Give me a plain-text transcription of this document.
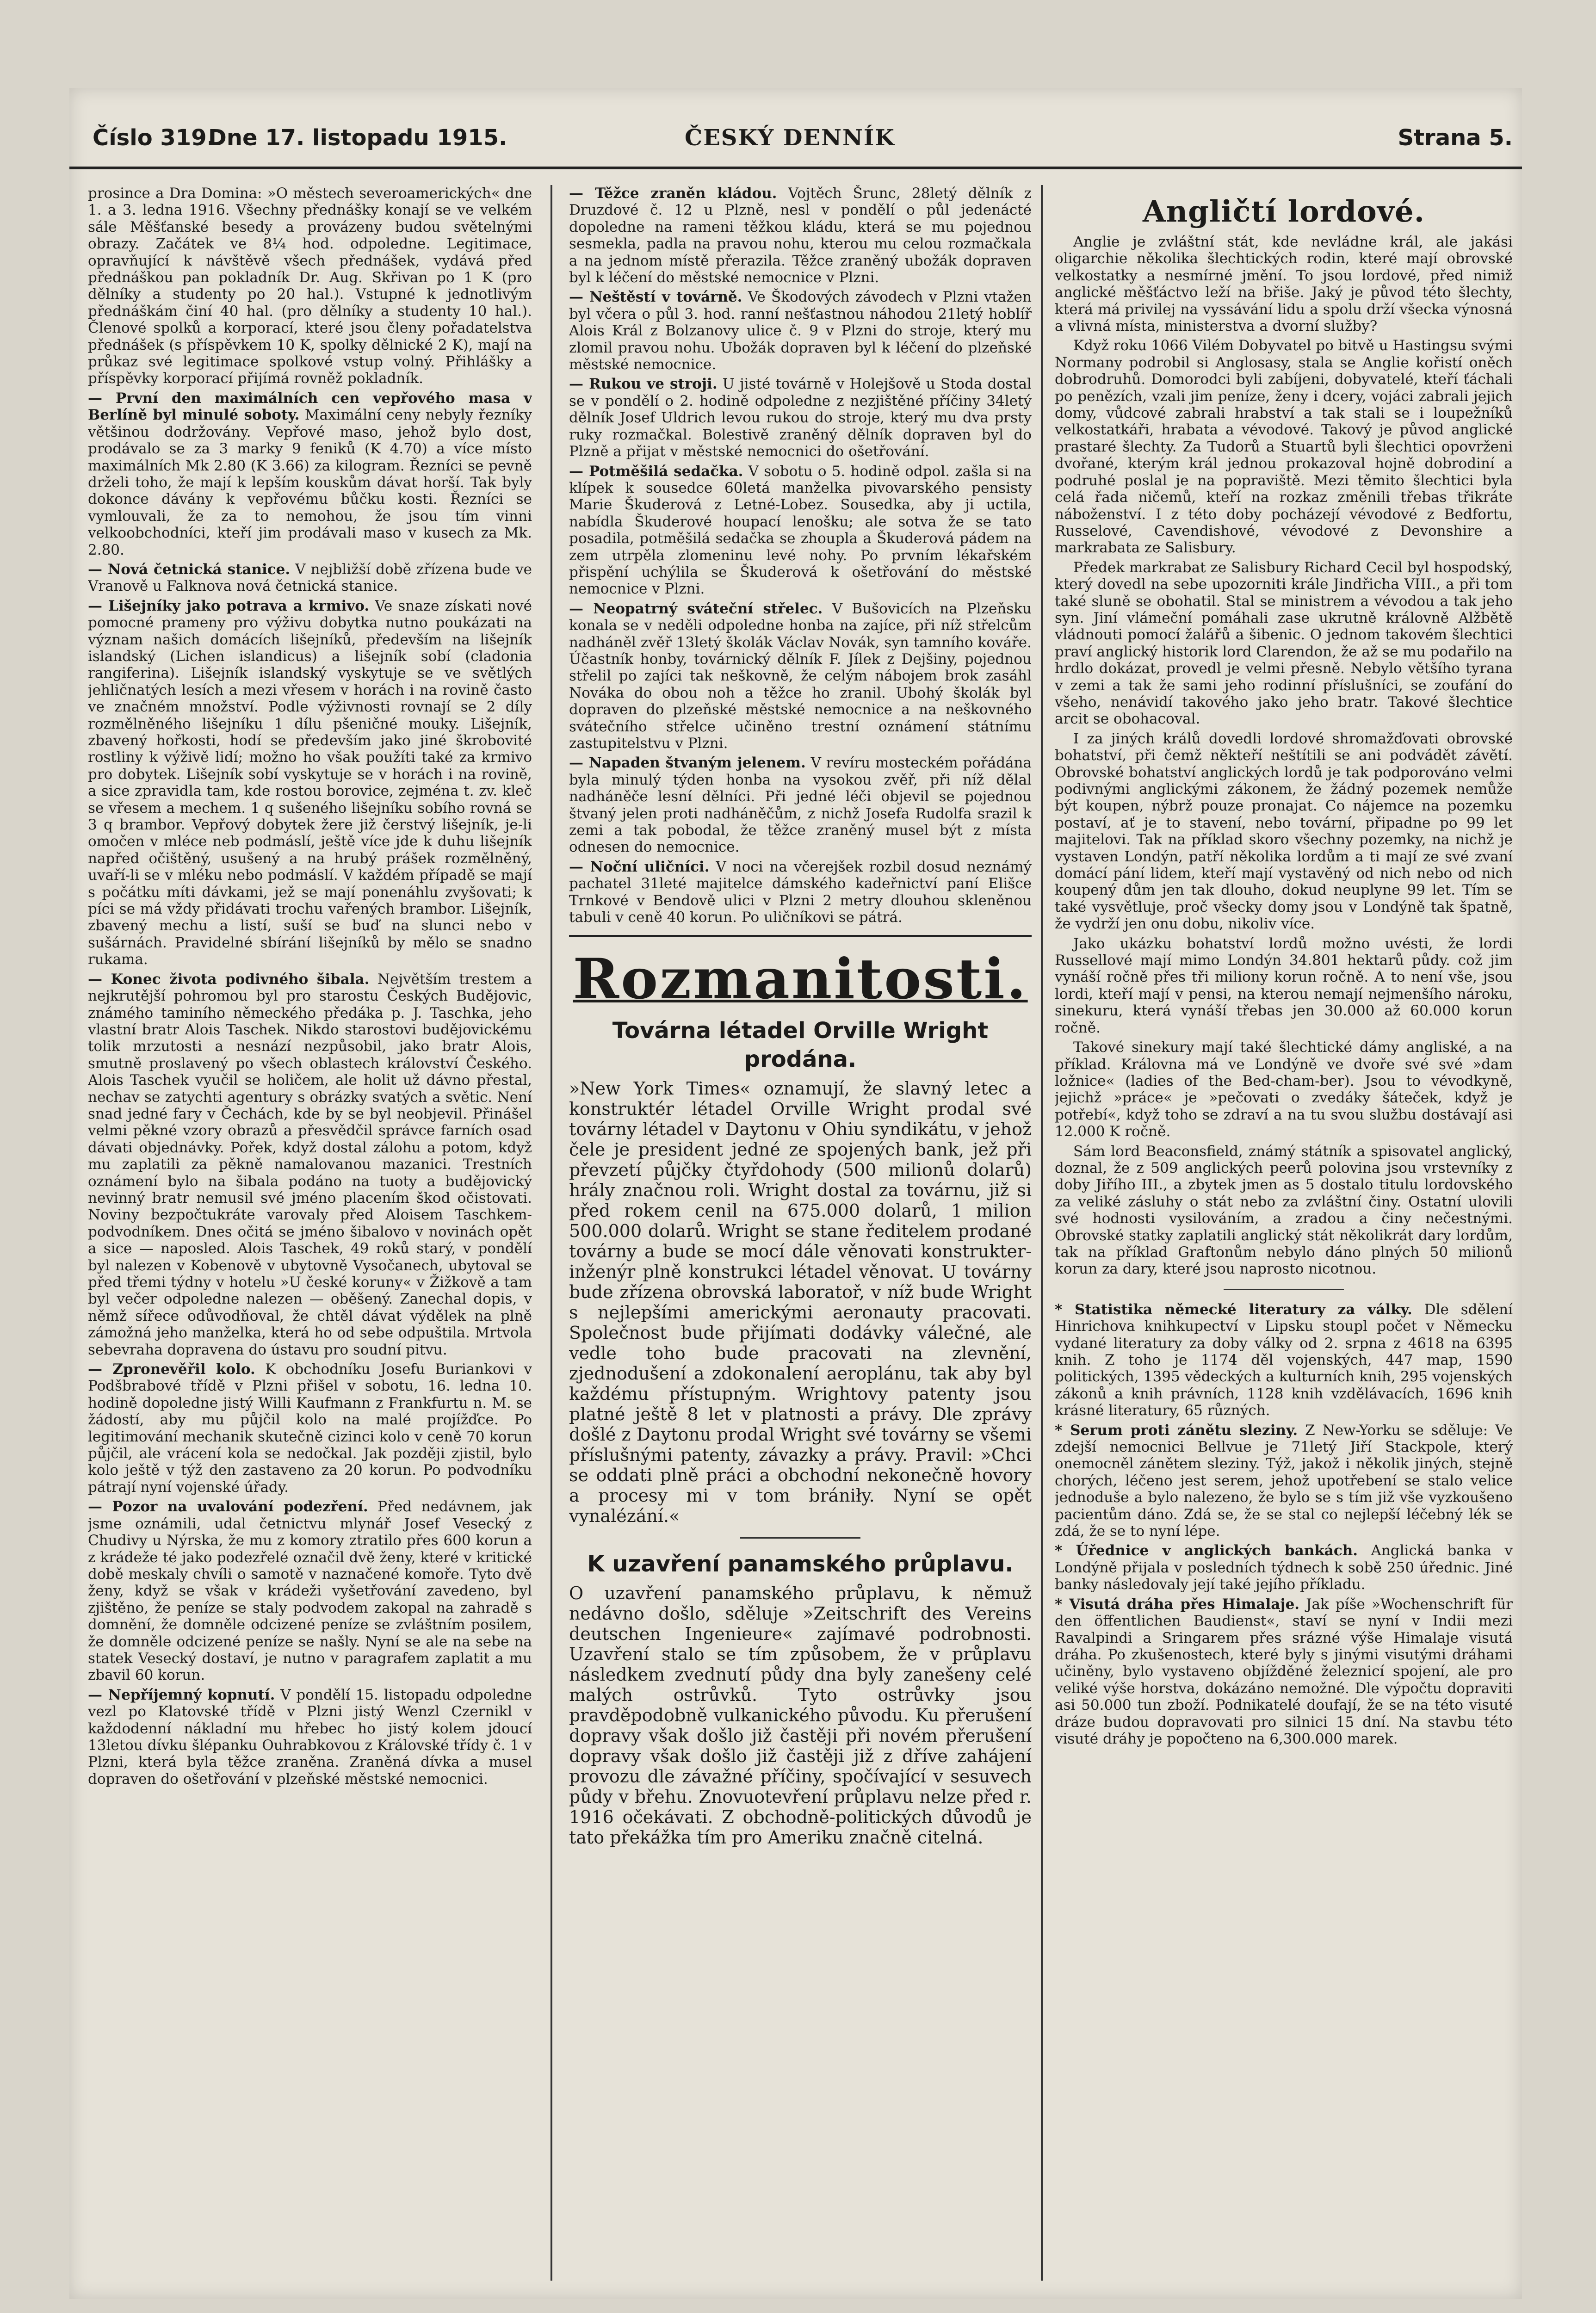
Číslo 319.
Dne 17. listopadu 1915.	ČESKÝ DENNÍK	Strana 5.

prosince a Dra Domina: »O městech severoamerických« dne 1. a 3. ledna 1916. Všechny přednášky konají se ve velkém sále Měšťanské besedy a provázeny budou světelnými obrazy. Začátek ve 8¼ hod. odpoledne. Legitimace, opravňující k návštěvě všech přednášek, vydává před přednáškou pan pokladník Dr. Aug. Skřivan po 1 K (pro dělníky a studenty po 20 hal.). Vstupné k jednotlivým přednáškám činí 40 hal. (pro dělníky a studenty 10 hal.). Členové spolků a korporací, které jsou členy pořadatelstva přednášek (s příspěvkem 10 K, spolky dělnické 2 K), mají na průkaz své legitimace spolkové vstup volný. Přihlášky a příspěvky korporací přijímá rovněž pokladník.

— První den maximálních cen vepřového masa v Berlíně byl minulé soboty. Maximální ceny nebyly řezníky většinou dodržovány. Vepřové maso, jehož bylo dost, prodávalo se za 3 marky 9 feniků (K 4.70) a více místo maximálních Mk 2.80 (K 3.66) za kilogram. Řezníci se pevně drželi toho, že mají k lepším kouskům dávat horší. Tak byly dokonce dávány k vepřovému bůčku kosti. Řezníci se vymlouvali, že za to nemohou, že jsou tím vinni velkoobchodníci, kteří jim prodávali maso v kusech za Mk. 2.80.

— Nová četnická stanice. V nejbližší době zřízena bude ve Vranově u Falknova nová četnická stanice.

— Lišejníky jako potrava a krmivo. Ve snaze získati nové pomocné prameny pro výživu dobytka nutno poukázati na význam našich domácích lišejníků, především na lišejník islandský (Lichen islandicus) a lišejník sobí (cladonia rangiferina). Lišejník islandský vyskytuje se ve světlých jehličnatých lesích a mezi vřesem v horách i na rovině často ve značném množství. Podle výživnosti rovnají se 2 díly rozmělněného lišejníku 1 dílu pšeničné mouky. Lišejník, zbavený hořkosti, hodí se především jako jiné škrobovité rostliny k výživě lidí; možno ho však použíti také za krmivo pro dobytek. Lišejník sobí vyskytuje se v horách i na rovině, a sice zpravidla tam, kde rostou borovice, zejména t. zv. kleč se vřesem a mechem. 1 q sušeného lišejníku sobího rovná se 3 q brambor. Vepřový dobytek žere již čerstvý lišejník, je-li omočen v mléce neb podmáslí, ještě více jde k duhu lišejník napřed očištěný, usušený a na hrubý prášek rozmělněný, uvaří-li se v mléku nebo podmáslí. V každém případě se mají s počátku míti dávkami, jež se mají ponenáhlu zvyšovati; k píci se má vždy přidávati trochu vařených brambor. Lišejník, zbavený mechu a listí, suší se buď na slunci nebo v sušárnách. Pravidelné sbírání lišejníků by mělo se snadno rukama.

— Konec života podivného šibala. Největším trestem a nejkrutější pohromou byl pro starostu Českých Budějovic, známého taminího německého předáka p. J. Taschka, jeho vlastní bratr Alois Taschek. Nikdo starostovi budějovickému tolik mrzutosti a nesnází nezpůsobil, jako bratr Alois, smutně proslavený po všech oblastech království Českého. Alois Taschek vyučil se holičem, ale holit už dávno přestal, nechav se zatychti agentury s obrázky svatých a světic. Není snad jedné fary v Čechách, kde by se byl neobjevil. Přinášel velmi pěkné vzory obrazů a přesvědčil správce farních osad dávati objednávky. Pořek, když dostal zálohu a potom, když mu zaplatili za pěkně namalovanou mazanici. Trestních oznámení bylo na šibala podáno na tuoty a budějovický nevinný bratr nemusil své jméno placením škod očistovati. Noviny bezpočtukráte varovaly před Aloisem Taschkem-podvodníkem. Dnes očitá se jméno šibalovo v novinách opět a sice — naposled. Alois Taschek, 49 roků starý, v pondělí byl nalezen v Kobenově v ubytovně Vysočanech, ubytoval se před třemi týdny v hotelu »U české koruny« v Žižkově a tam byl večer odpoledne nalezen — oběšený. Zanechal dopis, v němž sířece odůvodňoval, že chtěl dávat výdělek na plně zámožná jeho manželka, která ho od sebe odpuštila. Mrtvola sebevraha dopravena do ústavu pro soudní pitvu.

— Zpronevěřil kolo. K obchodníku Josefu Buriankovi v Podšbrabové třídě v Plzni přišel v sobotu, 16. ledna 10. hodině dopoledne jistý Willi Kaufmann z Frankfurtu n. M. se žádostí, aby mu půjčil kolo na malé projížďce. Po legitimování mechanik skutečně cizinci kolo v ceně 70 korun půjčil, ale vrácení kola se nedočkal. Jak později zjistil, bylo kolo ještě v týž den zastaveno za 20 korun. Po podvodníku pátrají nyní vojenské úřady.

— Pozor na uvalování podezření. Před nedávnem, jak jsme oznámili, udal četnictvu mlynář Josef Vesecký z Chudivy u Nýrska, že mu z komory ztratilo přes 600 korun a z krádeže té jako podezřelé označil dvě ženy, které v kritické době meskaly chvíli o samotě v naznačené komoře. Tyto dvě ženy, když se však v krádeži vyšetřování zavedeno, byl zjištěno, že peníze se staly podvodem zakopal na zahradě s domnění, že domněle odcizené peníze se zvláštním posilem, že domněle odcizené peníze se našly. Nyní se ale na sebe na statek Vesecký dostaví, je nutno v paragrafem zaplatit a mu zbavil 60 korun.

— Nepříjemný kopnutí. V pondělí 15. listopadu odpoledne vezl po Klatovské třídě v Plzni jistý Wenzl Czernikl v každodenní nákladní mu hřebec ho jistý kolem jdoucí 13letou dívku šlépanku Ouhrabkovou z Královské třídy č. 1 v Plzni, která byla těžce zraněna. Zraněná dívka a musel dopraven do ošetřování v plzeňské městské nemocnici.

— Těžce zraněn kládou. Vojtěch Šrunc, 28letý dělník z Druzdové č. 12 u Plzně, nesl v pondělí o půl jedenácté dopoledne na rameni těžkou kládu, která se mu pojednou sesmekla, padla na pravou nohu, kterou mu celou rozmačkala a na jednom místě přerazila. Těžce zraněný ubožák dopraven byl k léčení do městské nemocnice v Plzni.

— Neštěstí v továrně. Ve Škodových závodech v Plzni vtažen byl včera o půl 3. hod. ranní nešťastnou náhodou 21letý hoblíř Alois Král z Bolzanovy ulice č. 9 v Plzni do stroje, který mu zlomil pravou nohu. Ubožák dopraven byl k léčení do plzeňské městské nemocnice.

— Rukou ve stroji. U jisté továrně v Holejšově u Stoda dostal se v pondělí o 2. hodině odpoledne z nezjištěné příčiny 34letý dělník Josef Uldrich levou rukou do stroje, který mu dva prsty ruky rozmačkal. Bolestivě zraněný dělník dopraven byl do Plzně a přijat v městské nemocnici do ošetřování.

— Potměšilá sedačka. V sobotu o 5. hodině odpol. zašla si na klípek k sousedce 60letá manželka pivovarského pensisty Marie Škuderová z Letné-Lobez. Sousedka, aby ji uctila, nabídla Škuderové houpací lenošku; ale sotva že se tato posadila, potměšilá sedačka se zhoupla a Škuderová pádem na zem utrpěla zlomeninu levé nohy. Po prvním lékařském přispění uchýlila se Škuderová k ošetřování do městské nemocnice v Plzni.

— Neopatrný sváteční střelec. V Bušovicích na Plzeňsku konala se v neděli odpoledne honba na zajíce, při níž střelcům nadháněl zvěř 13letý školák Václav Novák, syn tamního kováře. Účastník honby, továrnický dělník F. Jílek z Dejšiny, pojednou střelil po zajíci tak neškovně, že celým nábojem brok zasáhl Nováka do obou noh a těžce ho zranil. Ubohý školák byl dopraven do plzeňské městské nemocnice a na neškovného svátečního střelce učiněno trestní oznámení státnímu zastupitelstvu v Plzni.

— Napaden štvaným jelenem. V revíru mosteckém pořádána byla minulý týden honba na vysokou zvěř, při níž dělal nadháněče lesní dělníci. Při jedné léči objevil se pojednou štvaný jelen proti nadháněčům, z nichž Josefa Rudolfa srazil k zemi a tak pobodal, že těžce zraněný musel být z místa odnesen do nemocnice.

— Noční uličníci. V noci na včerejšek rozbil dosud neznámý pachatel 31leté majitelce dámského kadeřnictví paní Elišce Trnkové v Bendově ulici v Plzni 2 metry dlouhou skleněnou tabuli v ceně 40 korun. Po uličníkovi se pátrá.

Rozmanitosti.
Továrna létadel Orville Wright prodána.

»New York Times« oznamují, že slavný letec a konstruktér létadel Orville Wright prodal své továrny létadel v Daytonu v Ohiu syndikátu, v jehož čele je president jedné ze spojených bank, jež při převzetí půjčky čtyřdohody (500 milionů dolarů) hrály značnou roli. Wright dostal za továrnu, již si před rokem cenil na 675.000 dolarů, 1 milion 500.000 dolarů. Wright se stane ředitelem prodané továrny a bude se mocí dále věnovati konstrukter-inženýr plně konstrukci létadel věnovat. U továrny bude zřízena obrovská laboratoř, v níž bude Wright s nejlepšími americkými aeronauty pracovati. Společnost bude přijímati dodávky válečné, ale vedle toho bude pracovati na zlevnění, zjednodušení a zdokonalení aeroplánu, tak aby byl každému přístupným. Wrightovy patenty jsou platné ještě 8 let v platnosti a právy. Dle zprávy došlé z Daytonu prodal Wright své továrny se všemi příslušnými patenty, závazky a právy. Pravil: »Chci se oddati plně práci a obchodní nekonečně hovory a procesy mi v tom brániły. Nyní se opět vynalézání.«

K uzavření panamského průplavu.

O uzavření panamského průplavu, k němuž nedávno došlo, sděluje »Zeitschrift des Vereins deutschen Ingenieure« zajímavé podrobnosti. Uzavření stalo se tím způsobem, že v průplavu následkem zvednutí půdy dna byly zanešeny celé malých ostrůvků. Tyto ostrůvky jsou pravděpodobně vulkanického původu. Ku přerušení dopravy však došlo již častěji při novém přerušení dopravy však došlo již častěji již z dříve zahájení provozu dle závažné příčiny, spočívající v sesuvech půdy v břehu. Znovuotevření průplavu nelze před r. 1916 očekávati. Z obchodně-politických důvodů je tato překážka tím pro Ameriku značně citelná.

Angličtí lordové.

Anglie je zvláštní stát, kde nevládne král, ale jakási oligarchie několika šlechtických rodin, které mají obrovské velkostatky a nesmírné jmění. To jsou lordové, před nimiž anglické měšťáctvo leží na břiše. Jaký je původ této šlechty, která má privilej na vyssávání lidu a spolu drží všecka výnosná a vlivná místa, ministerstva a dvorní služby?

Když roku 1066 Vilém Dobyvatel po bitvě u Hastingsu svými Normany podrobil si Anglosasy, stala se Anglie kořistí oněch dobrodruhů. Domorodci byli zabíjeni, dobyvatelé, kteří ťáchali po penězích, vzali jim peníze, ženy i dcery, vojáci zabrali jejich domy, vůdcové zabrali hrabství a tak stali se i loupežníků velkostatkáři, hrabata a vévodové. Takový je původ anglické prastaré šlechty. Za Tudorů a Stuartů byli šlechtici opovrženi dvořané, kterým král jednou prokazoval hojně dobrodiní a podruhé poslal je na popraviště. Mezi těmito šlechtici byla celá řada ničemů, kteří na rozkaz změnili třebas třikráte náboženství. I z této doby pocházejí vévodové z Bedfortu, Russelové, Cavendishové, vévodové z Devonshire a markrabata ze Salisbury.

Předek markrabat ze Salisbury Richard Cecil byl hospodský, který dovedl na sebe upozorniti krále Jindřicha VIII., a při tom také sluně se obohatil. Stal se ministrem a vévodou a tak jeho syn. Jiní vlámeční pomáhali zase ukrutně královně Alžbětě vládnouti pomocí žalářů a šibenic. O jednom takovém šlechtici praví anglický historik lord Clarendon, že až se mu podařilo na hrdlo dokázat, provedl je velmi přesně. Nebylo většího tyrana v zemi a tak že sami jeho rodinní příslušníci, se zoufání do všeho, nenávidí takového jako jeho bratr. Takové šlechtice arcit se obohacoval.

I za jiných králů dovedli lordové shromažďovati obrovské bohatství, při čemž někteří neštítili se ani podvádět závětí. Obrovské bohatství anglických lordů je tak podporováno velmi podivnými anglickými zákonem, že žádný pozemek nemůže být koupen, nýbrž pouze pronajat. Co nájemce na pozemku postaví, ať je to stavení, nebo tovární, připadne po 99 let majitelovi. Tak na příklad skoro všechny pozemky, na nichž je vystaven Londýn, patří několika lordům a ti mají ze své zvaní domácí pání lidem, kteří mají vystavěný od nich nebo od nich koupený dům jen tak dlouho, dokud neuplyne 99 let. Tím se také vysvětluje, proč všecky domy jsou v Londýně tak špatně, že vydrží jen onu dobu, nikoliv více.

Jako ukázku bohatství lordů možno uvésti, že lordi Russellové mají mimo Londýn 34.801 hektarů půdy. což jim vynáší ročně přes tři miliony korun ročně. A to není vše, jsou lordi, kteří mají v pensi, na kterou nemají nejmenšího nároku, sinekuru, která vynáší třebas jen 30.000 až 60.000 korun ročně.

Takové sinekury mají také šlechtické dámy angliské, a na příklad. Královna má ve Londýně ve dvoře své své »dam ložnice« (ladies of the Bed-cham-ber). Jsou to vévodkyně, jejichž »práce« je »pečovati o zvedáky šáteček, když je potřebí«, když toho se zdraví a na tu svou službu dostávají asi 12.000 K ročně.

Sám lord Beaconsfield, známý státník a spisovatel anglický, doznal, že z 509 anglických peerů polovina jsou vrstevníky z doby Jiřího III., a zbytek jmen as 5 dostalo titulu lordovského za veliké zásluhy o stát nebo za zvláštní činy. Ostatní ulovili své hodnosti vysilováním, a zradou a činy nečestnými. Obrovské statky zaplatili anglický stát několikrát dary lordům, tak na příklad Graftonům nebylo dáno plných 50 milionů korun za dary, které jsou naprosto nicotnou.

* Statistika německé literatury za války. Dle sdělení Hinrichova knihkupectví v Lipsku stoupl počet v Německu vydané literatury za doby války od 2. srpna z 4618 na 6395 knih. Z toho je 1174 děl vojenských, 447 map, 1590 politických, 1395 vědeckých a kulturních knih, 295 vojenských zákonů a knih právních, 1128 knih vzdělávacích, 1696 knih krásné literatury, 65 různých.

* Serum proti zánětu sleziny. Z New-Yorku se sděluje: Ve zdejší nemocnici Bellvue je 71letý Jiří Stackpole, který onemocněl zánětem sleziny. Týž, jakož i několik jiných, stejně chorých, léčeno jest serem, jehož upotřebení se stalo velice jednoduše a bylo nalezeno, že bylo se s tím již vše vyzkoušeno pacientům dáno. Zdá se, že se stal co nejlepší léčebný lék se zdá, že se to nyní lépe.

* Úřednice v anglických bankách. Anglická banka v Londýně přijala v posledních týdnech k sobě 250 úřednic. Jiné banky následovaly její také jejího příkladu.

* Visutá dráha přes Himalaje. Jak píše »Wochenschrift für den öffentlichen Baudienst«, staví se nyní v Indii mezi Ravalpindi a Sringarem přes srázné výše Himalaje visutá dráha. Po zkušenostech, které byly s jinými visutými dráhami učiněny, bylo vystaveno objížděné železnicí spojení, ale pro veliké výše horstva, dokázáno nemožné. Dle výpočtu dopraviti asi 50.000 tun zboží. Podnikatelé doufají, že se na této visuté dráze budou dopravovati pro silnici 15 dní. Na stavbu této visuté dráhy je popočteno na 6,300.000 marek.
